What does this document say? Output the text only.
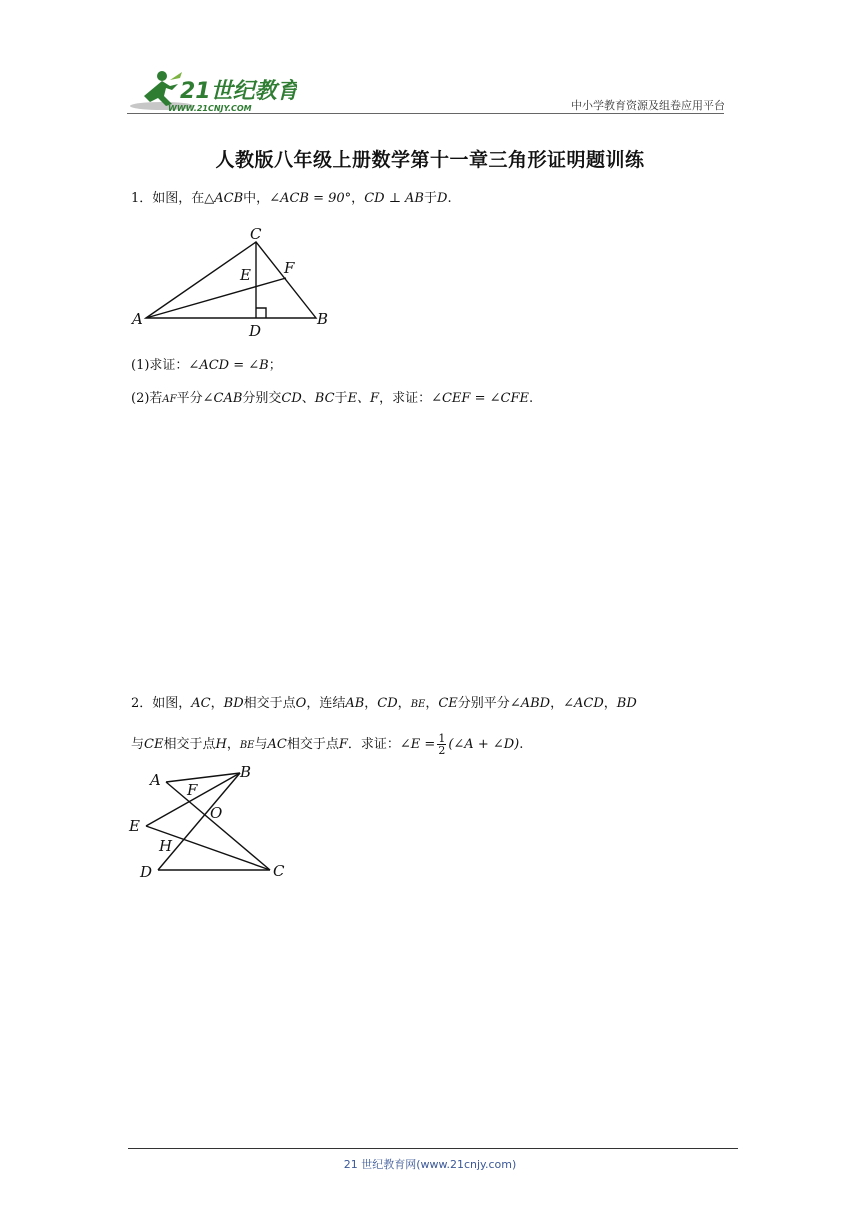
21世纪教育
WWW.21CNJY.COM	中小学教育资源及组卷应用平台
人教版八年级上册数学第十一章三角形证明题训练
1．如图，在△ACB中，∠ACB = 90°，CD ⊥ AB于D.
C
A	B
D
E F
(1)求证：∠ACD = ∠B；
(2)若AF平分∠CAB分别交CD、BC于E、F，求证：∠CEF = ∠CFE.
2．如图，AC，BD相交于点O，连结AB，CD，BE，CE分别平分∠ABD，∠ACD，BD
与CE相交于点H，BE与AC相交于点F．求证：∠E = $\frac{1}{2}$ (∠A + ∠D).
A	B
E
D	C
F
O
H
21 世纪教育网(www.21cnjy.com)
